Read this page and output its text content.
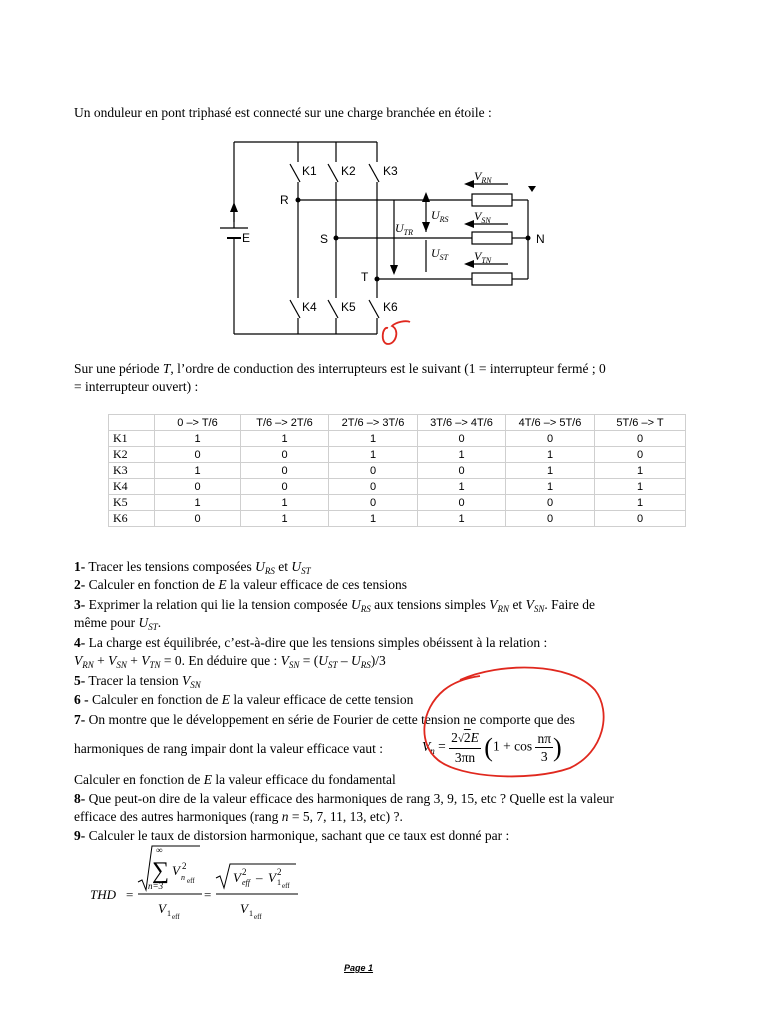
Un onduleur en pont triphasé est connecté sur une charge branchée en étoile :
K1 K2 K3
K4 K5 K6
R
S
T
N
E
$V_{RN}$
$V_{SN}$
$V_{TN}$
$U_{RS}$
$U_{ST}$
$U_{TR}$
Sur une période T, l’ordre de conduction des interrupteurs est le suivant (1 = interrupteur fermé ; 0
= interrupteur ouvert) :
	0 –> T/6	T/6 –> 2T/6	2T/6 –> 3T/6	3T/6 –> 4T/6	4T/6 –> 5T/6	5T/6 –> T
K1	1	1	1	0	0	0
K2	0	0	1	1	1	0
K3	1	0	0	0	1	1
K4	0	0	0	1	1	1
K5	1	1	0	0	0	1
K6	0	1	1	1	0	0
1- Tracer les tensions composées $U_{RS}$ et $U_{ST}$
2- Calculer en fonction de E la valeur efficace de ces tensions
3- Exprimer la relation qui lie la tension composée $U_{RS}$ aux tensions simples $V_{RN}$ et $V_{SN}$. Faire de
même pour $U_{ST}$.
4- La charge est équilibrée, c’est-à-dire que les tensions simples obéissent à la relation :
$V_{RN} + V_{SN} + V_{TN} = 0$. En déduire que : $V_{SN} = (U_{ST} - U_{RS})/3$
5- Tracer la tension $V_{SN}$
6 - Calculer en fonction de E la valeur efficace de cette tension
7- On montre que le développement en série de Fourier de cette tension ne comporte que des
harmoniques de rang impair dont la valeur efficace vaut :	$V_n = \frac{2√2E}{3\pi n} (1 + \cos \frac{n\pi}{3}$ )
Calculer en fonction de E la valeur efficace du fondamental
8- Que peut-on dire de la valeur efficace des harmoniques de rang 3, 9, 15, etc ? Quelle est la valeur
efficace des autres harmoniques (rang n = 5, 7, 11, 13, etc) ?.
9- Calculer le taux de distorsion harmonique, sachant que ce taux est donné par :
THD =
∞
∑
n=3
V 2
n eff
V 1 eff
=
V 2
eff – V 2
1 eff
V 1 eff
Page 1
